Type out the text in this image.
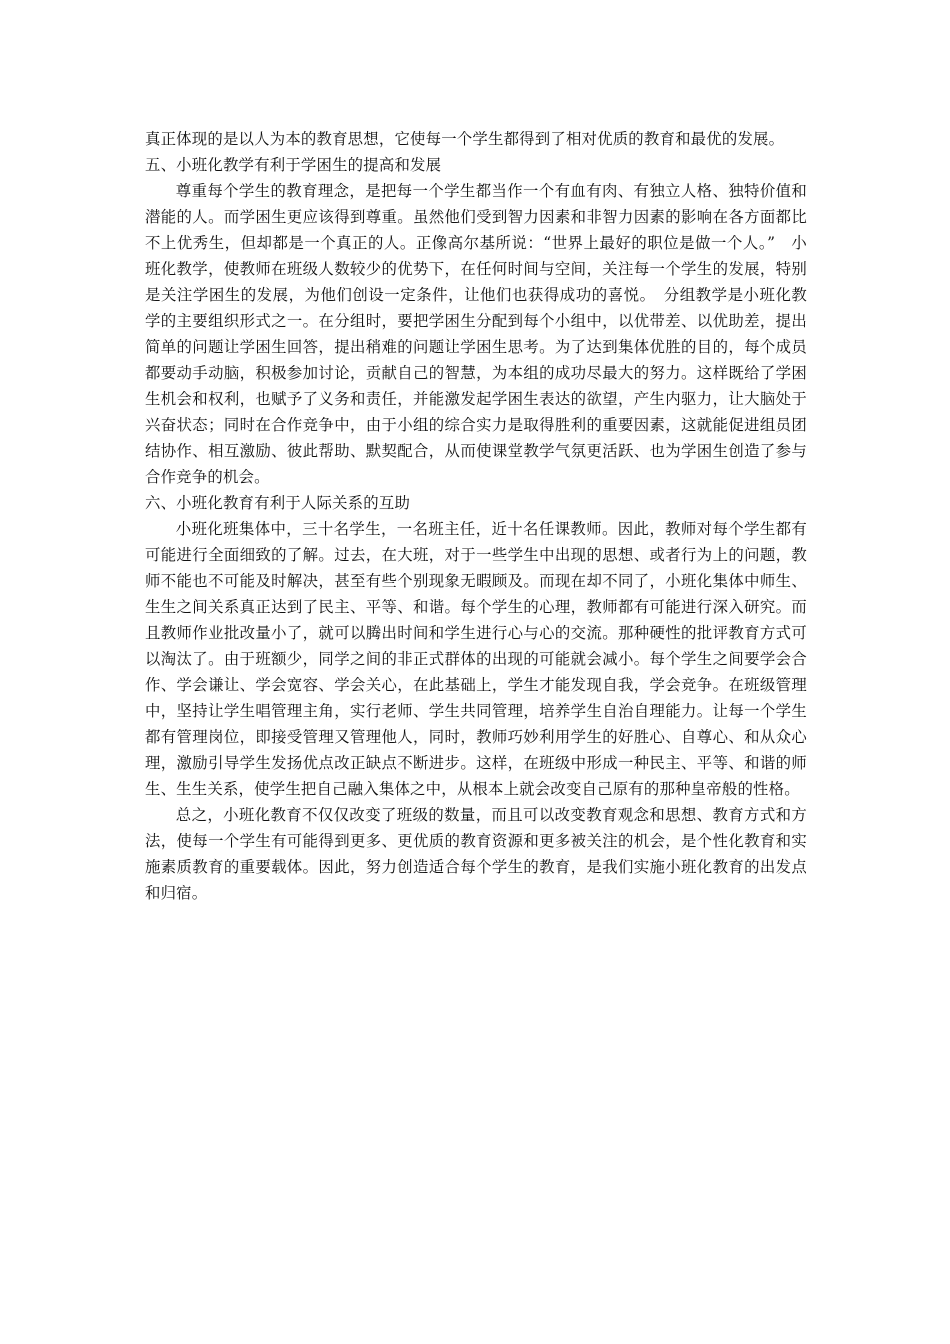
真正体现的是以人为本的教育思想，它使每一个学生都得到了相对优质的教育和最优的发展。

五、小班化教学有利于学困生的提高和发展

尊重每个学生的教育理念，是把每一个学生都当作一个有血有肉、有独立人格、独特价值和潜能的人。而学困生更应该得到尊重。虽然他们受到智力因素和非智力因素的影响在各方面都比不上优秀生，但却都是一个真正的人。正像高尔基所说：“世界上最好的职位是做一个人。”　小班化教学，使教师在班级人数较少的优势下，在任何时间与空间，关注每一个学生的发展，特别是关注学困生的发展，为他们创设一定条件，让他们也获得成功的喜悦。　分组教学是小班化教学的主要组织形式之一。在分组时，要把学困生分配到每个小组中，以优带差、以优助差，提出简单的问题让学困生回答，提出稍难的问题让学困生思考。为了达到集体优胜的目的，每个成员都要动手动脑，积极参加讨论，贡献自己的智慧，为本组的成功尽最大的努力。这样既给了学困生机会和权利，也赋予了义务和责任，并能激发起学困生表达的欲望，产生内驱力，让大脑处于兴奋状态；同时在合作竞争中，由于小组的综合实力是取得胜利的重要因素，这就能促进组员团结协作、相互激励、彼此帮助、默契配合，从而使课堂教学气氛更活跃、也为学困生创造了参与合作竞争的机会。

六、小班化教育有利于人际关系的互助

小班化班集体中，三十名学生，一名班主任，近十名任课教师。因此，教师对每个学生都有可能进行全面细致的了解。过去，在大班，对于一些学生中出现的思想、或者行为上的问题，教师不能也不可能及时解决，甚至有些个别现象无暇顾及。而现在却不同了，小班化集体中师生、生生之间关系真正达到了民主、平等、和谐。每个学生的心理，教师都有可能进行深入研究。而且教师作业批改量小了，就可以腾出时间和学生进行心与心的交流。那种硬性的批评教育方式可以淘汰了。由于班额少，同学之间的非正式群体的出现的可能就会减小。每个学生之间要学会合作、学会谦让、学会宽容、学会关心，在此基础上，学生才能发现自我，学会竞争。在班级管理中，坚持让学生唱管理主角，实行老师、学生共同管理，培养学生自治自理能力。让每一个学生都有管理岗位，即接受管理又管理他人，同时，教师巧妙利用学生的好胜心、自尊心、和从众心理，激励引导学生发扬优点改正缺点不断进步。这样，在班级中形成一种民主、平等、和谐的师生、生生关系，使学生把自己融入集体之中，从根本上就会改变自己原有的那种皇帝般的性格。

总之，小班化教育不仅仅改变了班级的数量，而且可以改变教育观念和思想、教育方式和方法，使每一个学生有可能得到更多、更优质的教育资源和更多被关注的机会，是个性化教育和实施素质教育的重要载体。因此，努力创造适合每个学生的教育，是我们实施小班化教育的出发点和归宿。
